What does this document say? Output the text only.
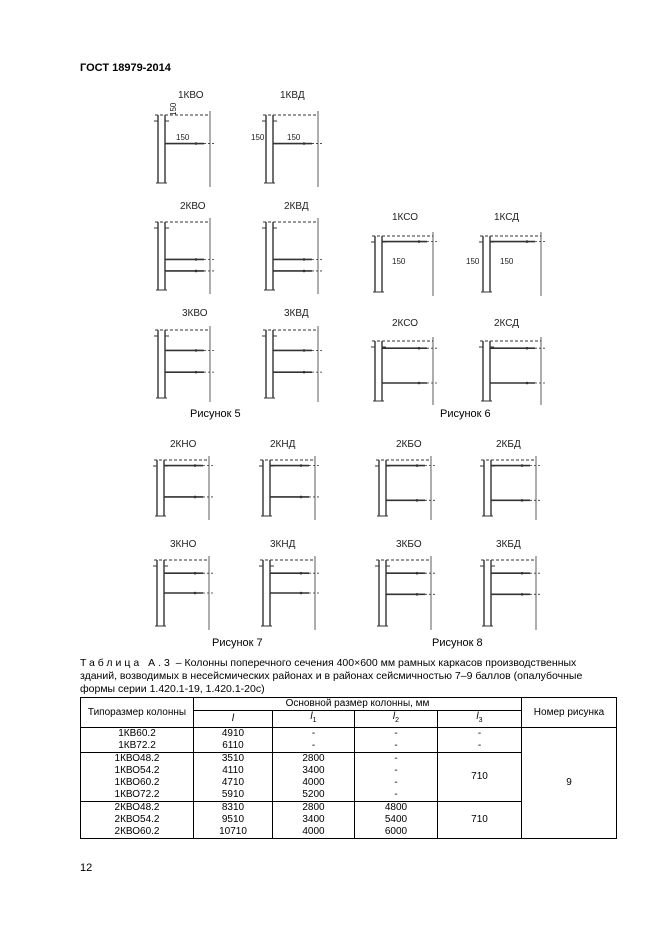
ГОСТ 18979-2014
1КВО	1КВД
2КВО	2КВД
3КВО	3КВД
150	150	150
150
Рисунок 5
1КСО	1КСД
2КСО	2КСД
150	150	150
Рисунок 6
2КНО	2КНД
3КНО	3КНД
Рисунок 7
2КБО	2КБД
3КБО	3КБД
Рисунок 8
Таблица А.3 – Колонны поперечного сечения 400×600 мм рамных каркасов производственных зданий, возводимых в несейсмических районах и в районах сейсмичностью 7–9 баллов (опалубочные формы серии 1.420.1-19, 1.420.1-20с)
Типоразмер колонны	Основной размер колонны, мм				Номер рисунка
	l	$l_1$	$l_2$	$l_3$
1КВ60.2	4910	-	-	-	9
1КВ72.2	6110	-	-	-	
1КВО48.2	3510	2800	-	710	
1КВО54.2	4110	3400	-		
1КВО60.2	4710	4000	-		
1КВО72.2	5910	5200	-		
2КВО48.2	8310	2800	4800	710	
2КВО54.2	9510	3400	5400		
2КВО60.2	10710	4000	6000		
12
